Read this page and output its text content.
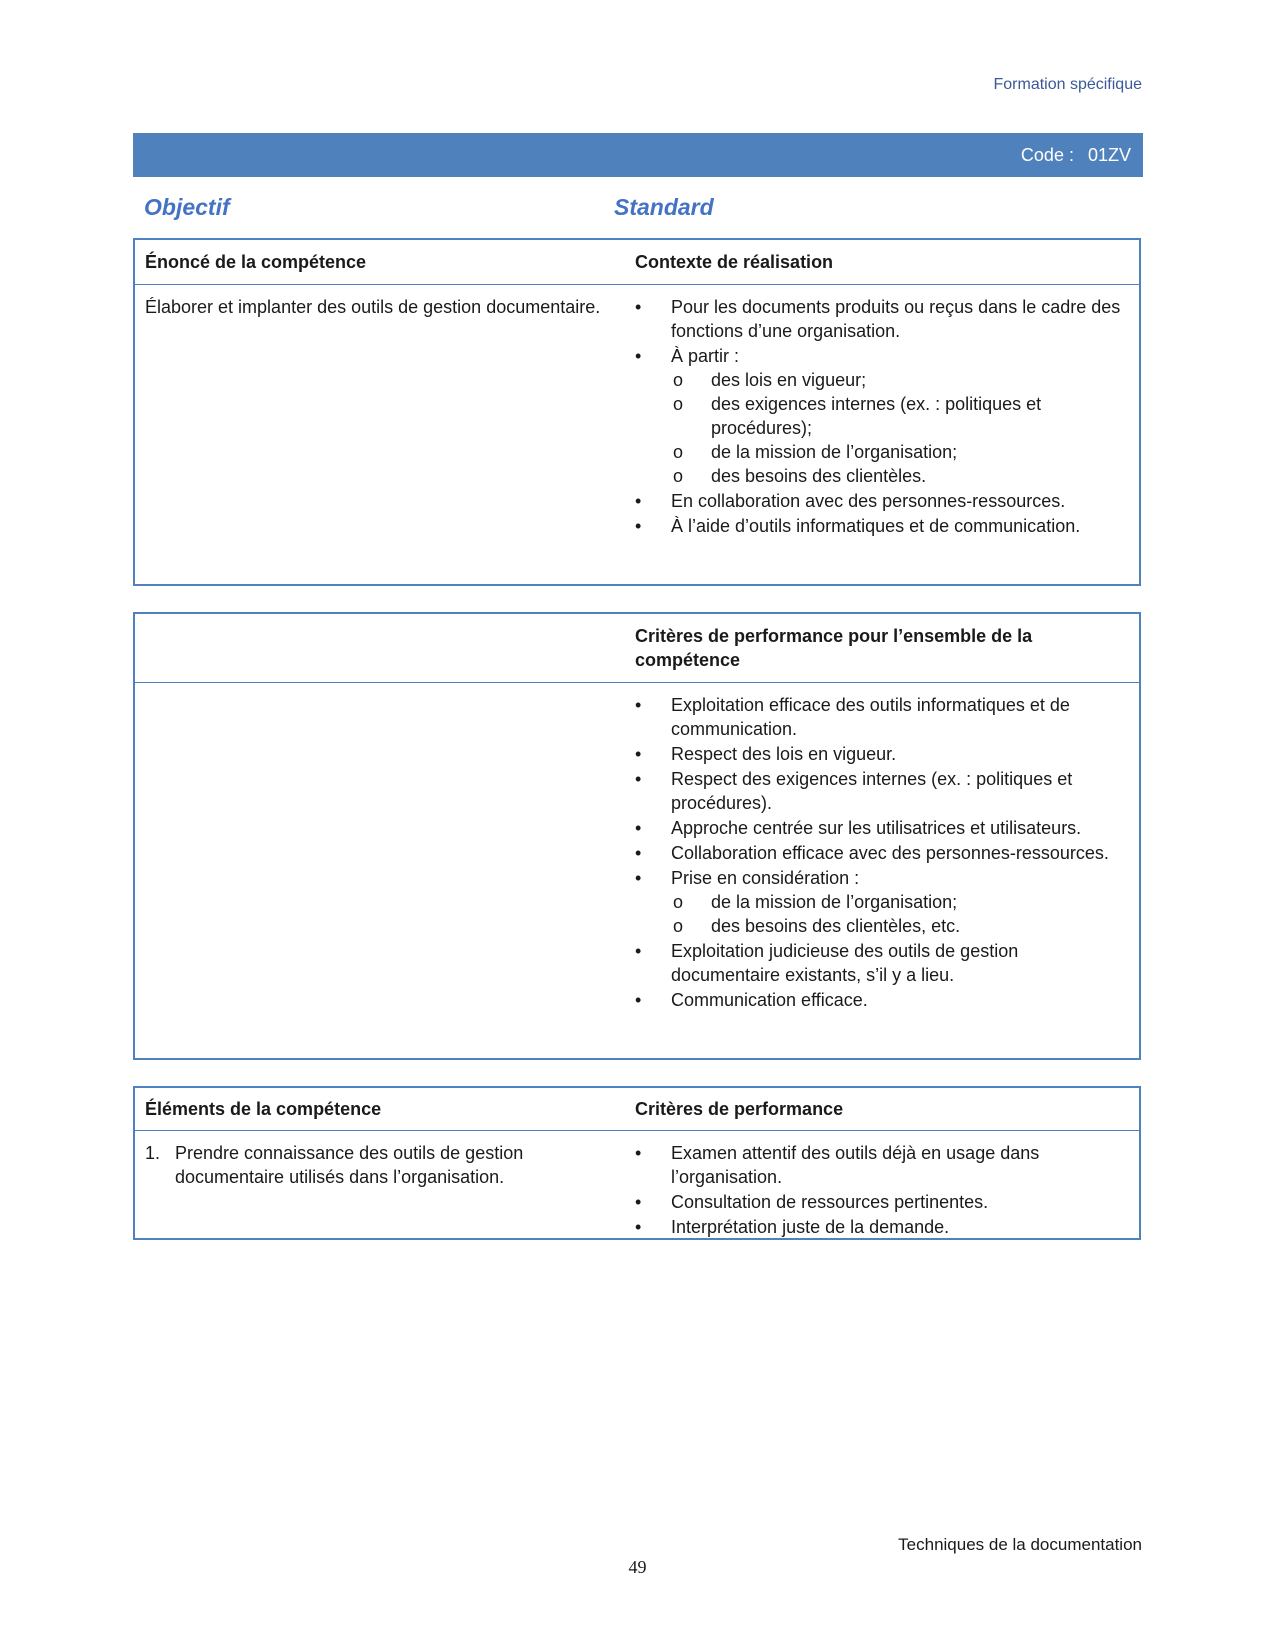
Formation spécifique
Code : 01ZV
Objectif	Standard
Énoncé de la compétence	Contexte de réalisation
Élaborer et implanter des outils de gestion documentaire.
•	Pour les documents produits ou reçus dans le cadre des fonctions d’une organisation.
• À partir :
o des lois en vigueur;
o des exigences internes (ex. : politiques et procédures);
o de la mission de l’organisation;
o des besoins des clientèles.
• En collaboration avec des personnes-ressources.
• À l’aide d’outils informatiques et de communication.
Critères de performance pour l’ensemble de la compétence
• Exploitation efficace des outils informatiques et de communication.
• Respect des lois en vigueur.
• Respect des exigences internes (ex. : politiques et procédures).
• Approche centrée sur les utilisatrices et utilisateurs.
• Collaboration efficace avec des personnes-ressources.
• Prise en considération :
o de la mission de l’organisation;
o des besoins des clientèles, etc.
• Exploitation judicieuse des outils de gestion documentaire existants, s’il y a lieu.
• Communication efficace.
Éléments de la compétence	Critères de performance
1. Prendre connaissance des outils de gestion documentaire utilisés dans l’organisation.
• Examen attentif des outils déjà en usage dans l’organisation.
• Consultation de ressources pertinentes.
• Interprétation juste de la demande.
Techniques de la documentation
49
